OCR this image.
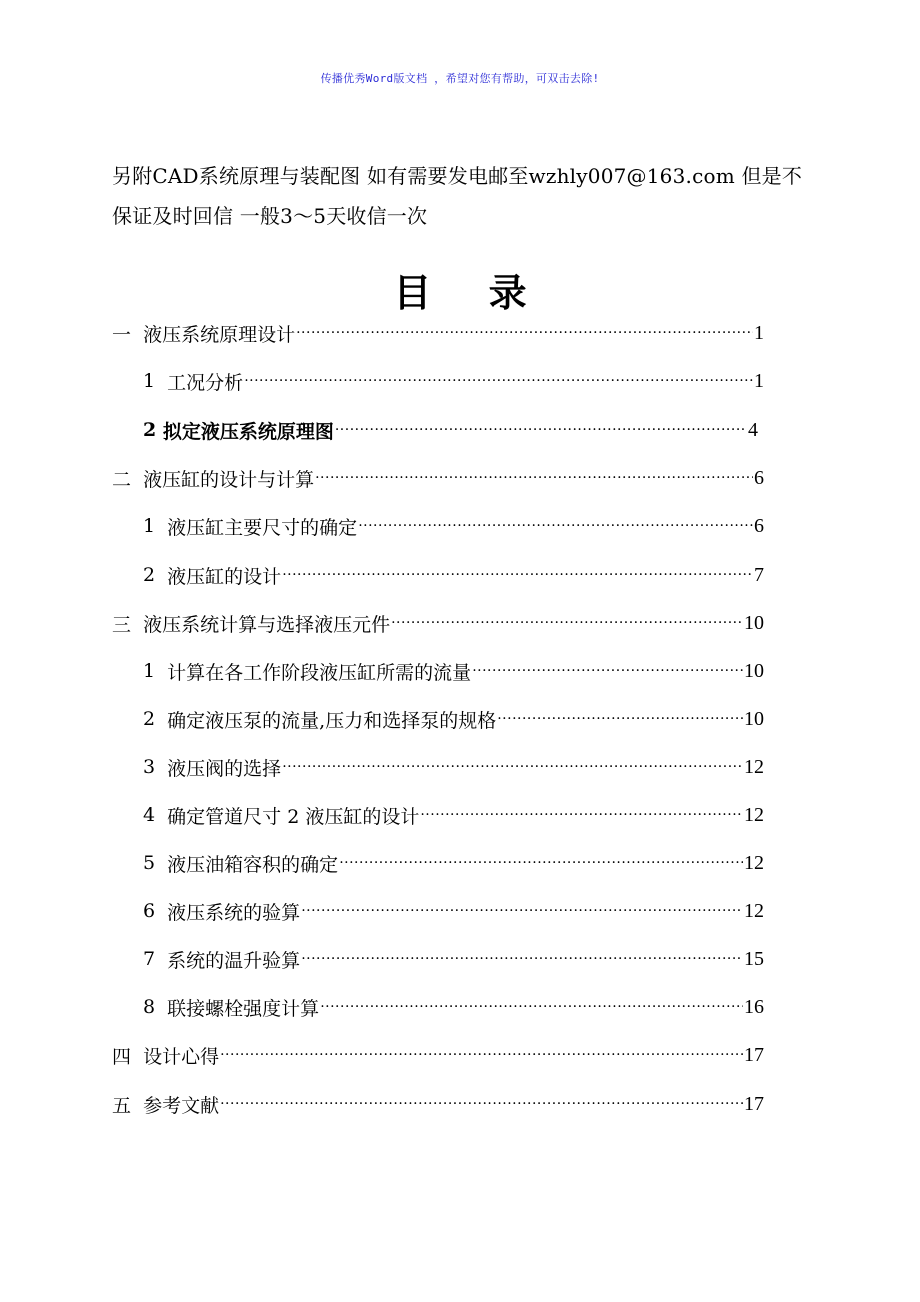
传播优秀Word版文档 ，希望对您有帮助，可双击去除!
另附CAD系统原理与装配图 如有需要发电邮至wzhly007@163.com 但是不保证及时回信 一般3～5天收信一次
目 录
一 液压系统原理设计 ·····	1
1 工况分析 ·····	1
2 拟定液压系统原理图 ·····	4
二 液压缸的设计与计算 ·····	6
1 液压缸主要尺寸的确定 ·····	6
2 液压缸的设计 ·····	7
三 液压系统计算与选择液压元件 ·····	10
1 计算在各工作阶段液压缸所需的流量 ·····	10
2 确定液压泵的流量,压力和选择泵的规格 ·····	10
3 液压阀的选择 ·····	12
4 确定管道尺寸 2 液压缸的设计 ·····	12
5 液压油箱容积的确定 ·····	12
6 液压系统的验算 ·····	12
7 系统的温升验算 ·····	15
8 联接螺栓强度计算 ·····	16
四 设计心得 ·····	17
五 参考文献 ·····	17
